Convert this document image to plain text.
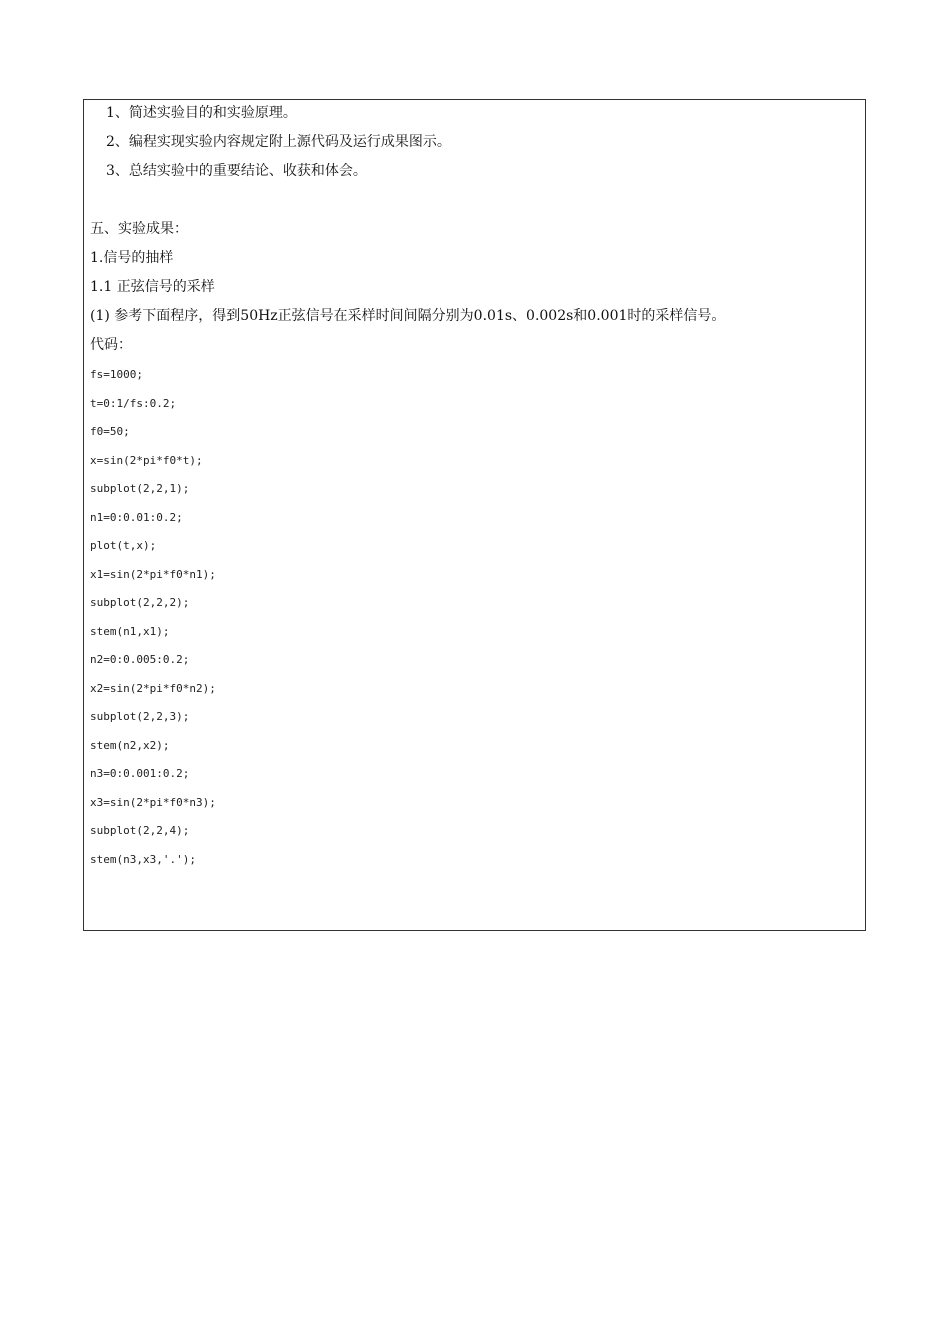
1、简述实验目的和实验原理。
2、编程实现实验内容规定附上源代码及运行成果图示。
3、总结实验中的重要结论、收获和体会。
五、实验成果：
1.信号的抽样
1.1 正弦信号的采样
(1) 参考下面程序，得到50Hz正弦信号在采样时间间隔分别为0.01s、0.002s和0.001时的采样信号。
代码：
fs=1000;
t=0:1/fs:0.2;
f0=50;
x=sin(2*pi*f0*t);
subplot(2,2,1);
n1=0:0.01:0.2;
plot(t,x);
x1=sin(2*pi*f0*n1);
subplot(2,2,2);
stem(n1,x1);
n2=0:0.005:0.2;
x2=sin(2*pi*f0*n2);
subplot(2,2,3);
stem(n2,x2);
n3=0:0.001:0.2;
x3=sin(2*pi*f0*n3);
subplot(2,2,4);
stem(n3,x3,'.');
